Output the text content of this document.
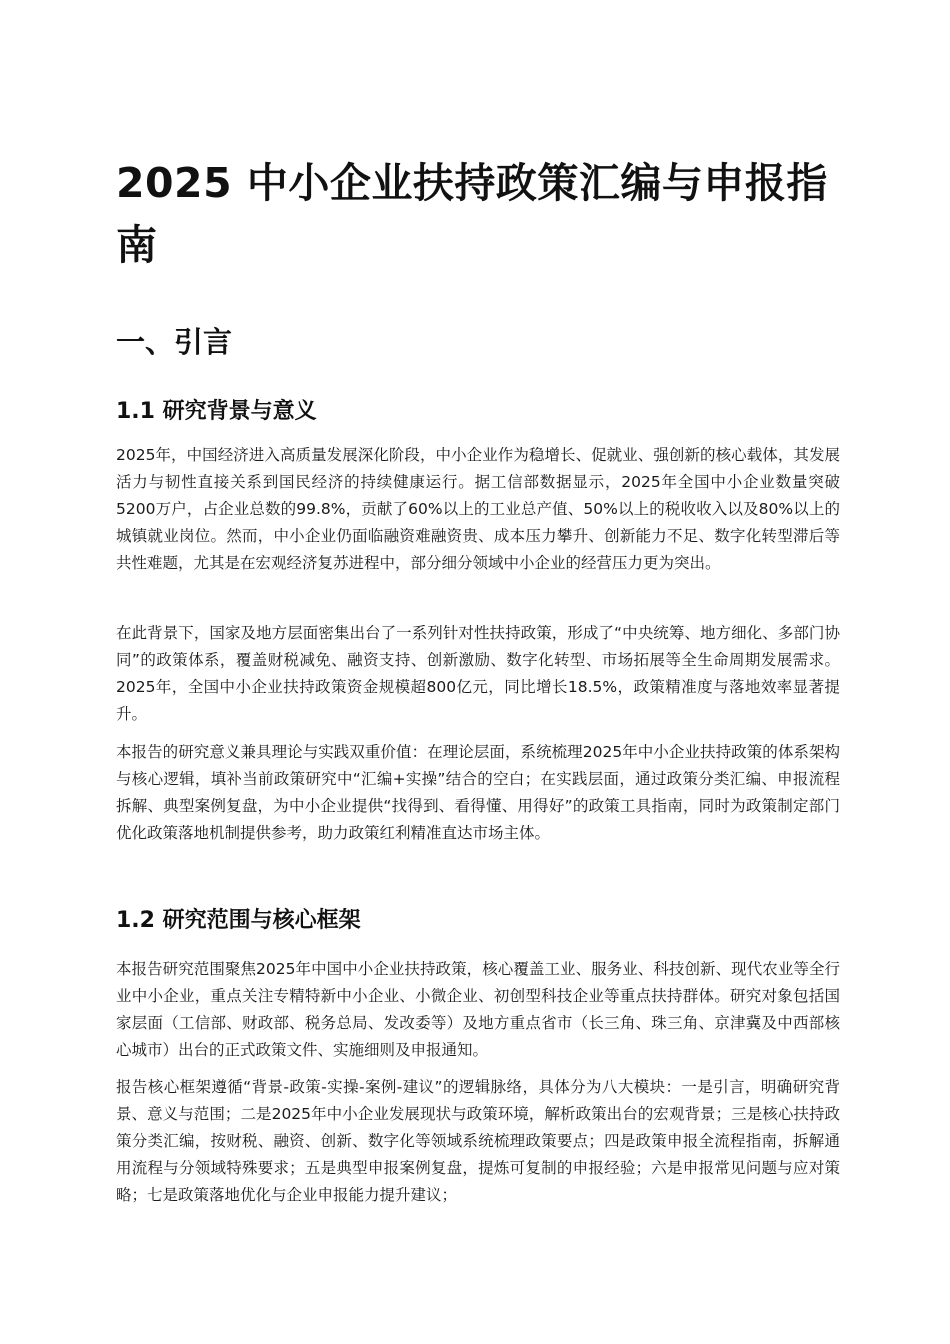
2025 中小企业扶持政策汇编与申报指南
一、引言
1.1 研究背景与意义

2025年，中国经济进入高质量发展深化阶段，中小企业作为稳增长、促就业、强创新的核心载体，其发展活力与韧性直接关系到国民经济的持续健康运行。据工信部数据显示，2025年全国中小企业数量突破5200万户，占企业总数的99.8%，贡献了60%以上的工业总产值、50%以上的税收收入以及80%以上的城镇就业岗位。然而，中小企业仍面临融资难融资贵、成本压力攀升、创新能力不足、数字化转型滞后等共性难题，尤其是在宏观经济复苏进程中，部分细分领域中小企业的经营压力更为突出。

在此背景下，国家及地方层面密集出台了一系列针对性扶持政策，形成了“中央统筹、地方细化、多部门协同”的政策体系，覆盖财税减免、融资支持、创新激励、数字化转型、市场拓展等全生命周期发展需求。2025年，全国中小企业扶持政策资金规模超800亿元，同比增长18.5%，政策精准度与落地效率显著提升。

本报告的研究意义兼具理论与实践双重价值：在理论层面，系统梳理2025年中小企业扶持政策的体系架构与核心逻辑，填补当前政策研究中“汇编+实操”结合的空白；在实践层面，通过政策分类汇编、申报流程拆解、典型案例复盘，为中小企业提供“找得到、看得懂、用得好”的政策工具指南，同时为政策制定部门优化政策落地机制提供参考，助力政策红利精准直达市场主体。

1.2 研究范围与核心框架

本报告研究范围聚焦2025年中国中小企业扶持政策，核心覆盖工业、服务业、科技创新、现代农业等全行业中小企业，重点关注专精特新中小企业、小微企业、初创型科技企业等重点扶持群体。研究对象包括国家层面（工信部、财政部、税务总局、发改委等）及地方重点省市（长三角、珠三角、京津冀及中西部核心城市）出台的正式政策文件、实施细则及申报通知。

报告核心框架遵循“背景-政策-实操-案例-建议”的逻辑脉络，具体分为八大模块：一是引言，明确研究背景、意义与范围；二是2025年中小企业发展现状与政策环境，解析政策出台的宏观背景；三是核心扶持政策分类汇编，按财税、融资、创新、数字化等领域系统梳理政策要点；四是政策申报全流程指南，拆解通用流程与分领域特殊要求；五是典型申报案例复盘，提炼可复制的申报经验；六是申报常见问题与应对策略；七是政策落地优化与企业申报能力提升建议；
